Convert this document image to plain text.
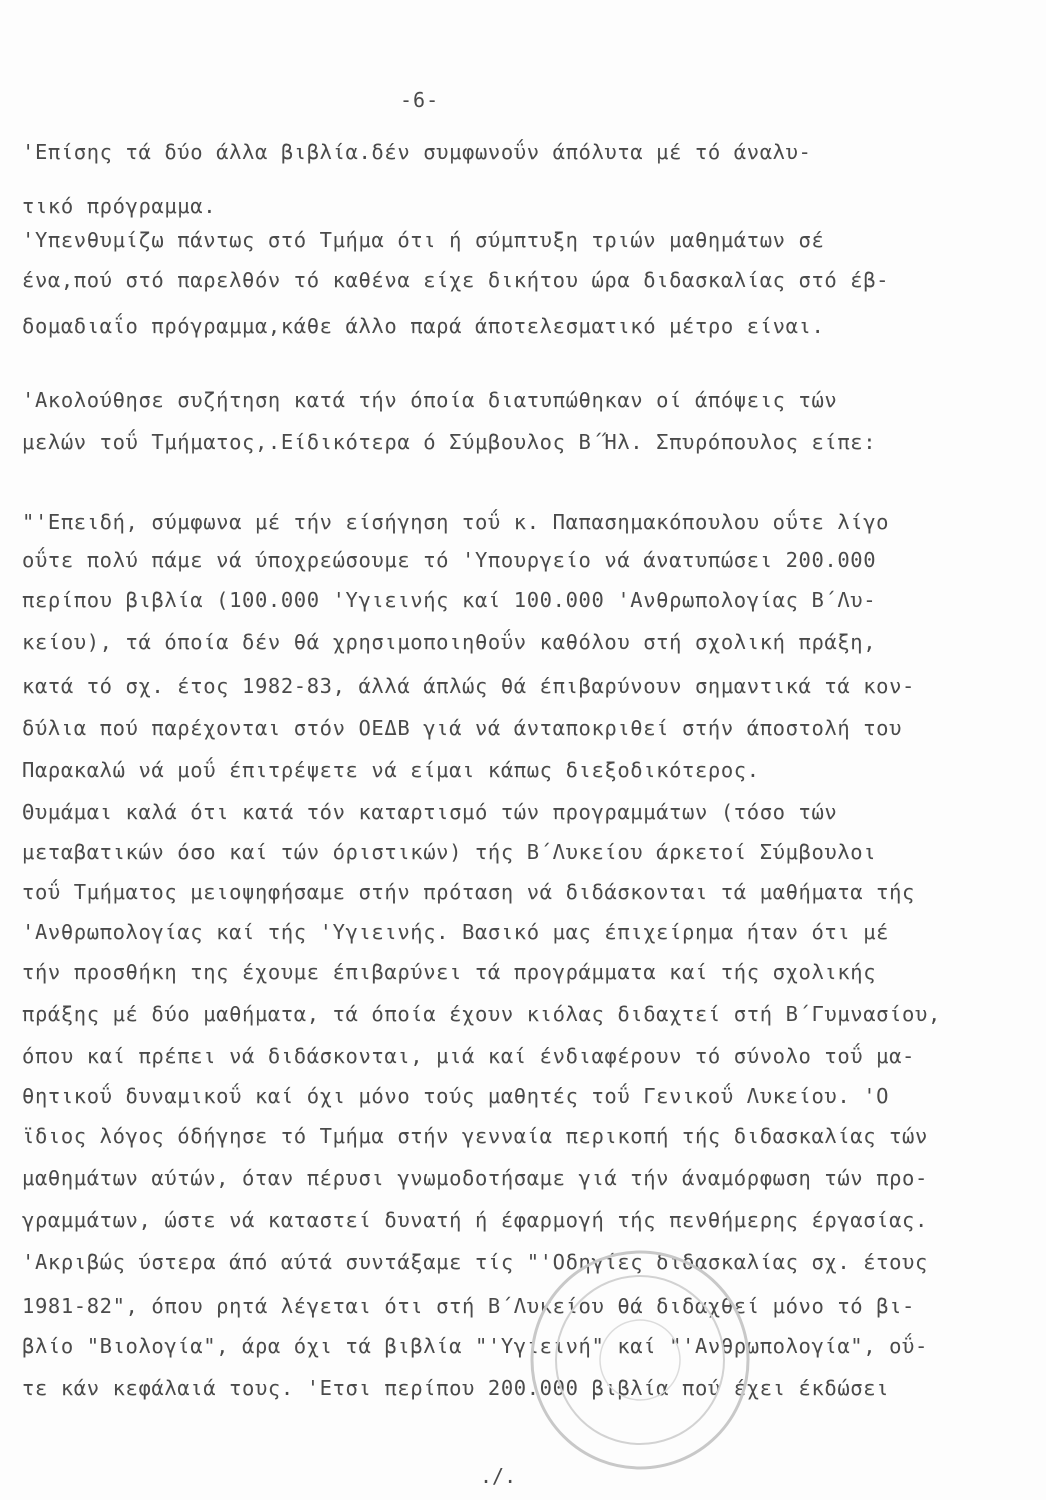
-6-
'Επίσης τά δύο άλλα βιβλία.δέν συμφωνοΰν άπόλυτα μέ τό άναλυ-
τικό πρόγραμμα.
'Υπενθυμίζω πάντως στό Τμήμα ότι ή σύμπτυξη τριών μαθημάτων σέ
ένα,πού στό παρελθόν τό καθένα είχε δικήτου ώρα διδασκαλίας στό έβ-
δομαδιαΐο πρόγραμμα,κάθε άλλο παρά άποτελεσματικό μέτρο είναι.
'Ακολούθησε συζήτηση κατά τήν όποία διατυπώθηκαν οί άπόψεις τών
μελών τοΰ Τμήματος,.Είδικότερα ό Σύμβουλος Β΄Ήλ. Σπυρόπουλος είπε:
"'Επειδή, σύμφωνα μέ τήν είσήγηση τοΰ κ. Παπασημακόπουλου οΰτε λίγο
οΰτε πολύ πάμε νά ύποχρεώσουμε τό 'Υπουργείο νά άνατυπώσει 200.000
περίπου βιβλία (100.000 'Υγιεινής καί 100.000 'Ανθρωπολογίας Β΄Λυ-
κείου), τά όποία δέν θά χρησιμοποιηθοΰν καθόλου στή σχολική πράξη,
κατά τό σχ. έτος 1982-83, άλλά άπλώς θά έπιβαρύνουν σημαντικά τά κον-
δύλια πού παρέχονται στόν ΟΕΔΒ γιά νά άνταποκριθεί στήν άποστολή του
Παρακαλώ νά μοΰ έπιτρέψετε νά είμαι κάπως διεξοδικότερος.
Θυμάμαι καλά ότι κατά τόν καταρτισμό τών προγραμμάτων (τόσο τών
μεταβατικών όσο καί τών όριστικών) τής Β΄Λυκείου άρκετοί Σύμβουλοι
τοΰ Τμήματος μειοψηφήσαμε στήν πρόταση νά διδάσκονται τά μαθήματα τής
'Ανθρωπολογίας καί τής 'Υγιεινής. Βασικό μας έπιχείρημα ήταν ότι μέ
τήν προσθήκη της έχουμε έπιβαρύνει τά προγράμματα καί τής σχολικής
πράξης μέ δύο μαθήματα, τά όποία έχουν κιόλας διδαχτεί στή Β΄Γυμνασίου,
όπου καί πρέπει νά διδάσκονται, μιά καί ένδιαφέρουν τό σύνολο τοΰ μα-
θητικοΰ δυναμικοΰ καί όχι μόνο τούς μαθητές τοΰ Γενικοΰ Λυκείου. 'Ο
ϊδιος λόγος όδήγησε τό Τμήμα στήν γενναία περικοπή τής διδασκαλίας τών
μαθημάτων αύτών, όταν πέρυσι γνωμοδοτήσαμε γιά τήν άναμόρφωση τών προ-
γραμμάτων, ώστε νά καταστεί δυνατή ή έφαρμογή τής πενθήμερης έργασίας.
'Ακριβώς ύστερα άπό αύτά συντάξαμε τίς "'Οδηγίες διδασκαλίας σχ. έτους
1981-82", όπου ρητά λέγεται ότι στή Β΄Λυκείου θά διδαχθεί μόνο τό βι-
βλίο "Βιολογία", άρα όχι τά βιβλία "'Υγιεινή" καί "'Ανθρωπολογία", οΰ-
τε κάν κεφάλαιά τους. 'Ετσι περίπου 200.000 βιβλία πού έχει έκδώσει
./.
